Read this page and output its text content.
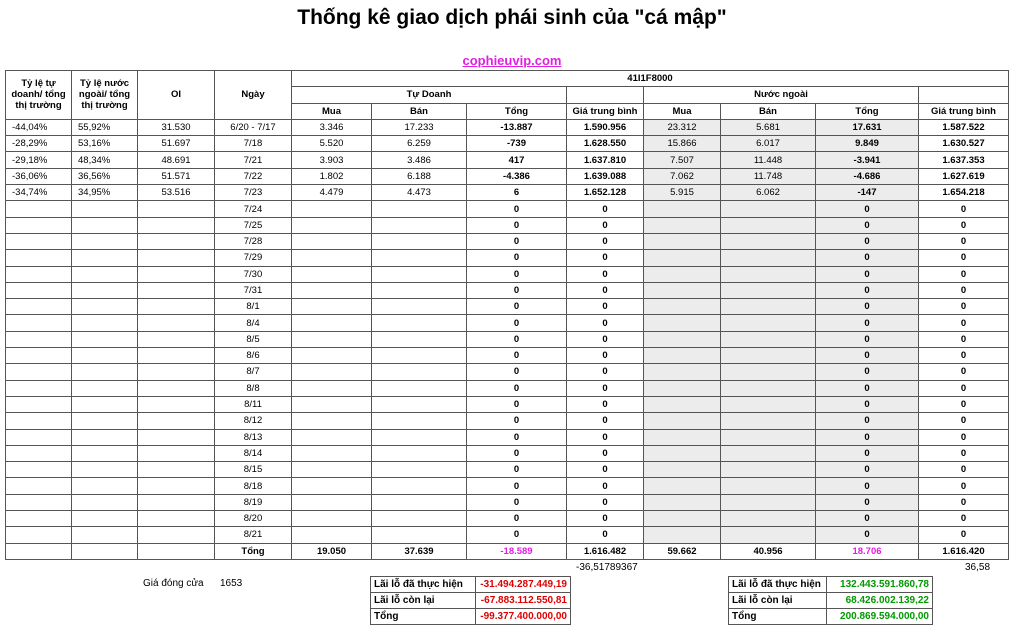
Thống kê giao dịch phái sinh của "cá mập"
cophieuvip.com
Tỷ lệ tự doanh/ tổng thị trường	Tỷ lệ nước ngoài/ tổng thị trường	OI	Ngày	41I1F8000							
				Tự Doanh				Nước ngoài			
				Mua	Bán	Tổng	Giá trung bình	Mua	Bán	Tổng	Giá trung bình
-44,04%	55,92%	31.530	6/20 - 7/17	3.346	17.233	-13.887	1.590.956	23.312	5.681	17.631	1.587.522
-28,29%	53,16%	51.697	7/18	5.520	6.259	-739	1.628.550	15.866	6.017	9.849	1.630.527
-29,18%	48,34%	48.691	7/21	3.903	3.486	417	1.637.810	7.507	11.448	-3.941	1.637.353
-36,06%	36,56%	51.571	7/22	1.802	6.188	-4.386	1.639.088	7.062	11.748	-4.686	1.627.619
-34,74%	34,95%	53.516	7/23	4.479	4.473	6	1.652.128	5.915	6.062	-147	1.654.218
			7/24			0	0			0	0
			7/25			0	0			0	0
			7/28			0	0			0	0
			7/29			0	0			0	0
			7/30			0	0			0	0
			7/31			0	0			0	0
			8/1			0	0			0	0
			8/4			0	0			0	0
			8/5			0	0			0	0
			8/6			0	0			0	0
			8/7			0	0			0	0
			8/8			0	0			0	0
			8/11			0	0			0	0
			8/12			0	0			0	0
			8/13			0	0			0	0
			8/14			0	0			0	0
			8/15			0	0			0	0
			8/18			0	0			0	0
			8/19			0	0			0	0
			8/20			0	0			0	0
			8/21			0	0			0	0
			Tổng	19.050	37.639	-18.589	1.616.482	59.662	40.956	18.706	1.616.420
-36,51789367	36,58
Giá đóng cửa 1653	Lãi lỗ đã thực hiện	-31.494.287.449,19
Lãi lỗ còn lại	-67.883.112.550,81
Tổng	-99.377.400.000,00
Lãi lỗ đã thực hiện	132.443.591.860,78
Lãi lỗ còn lại	68.426.002.139,22
Tổng	200.869.594.000,00
